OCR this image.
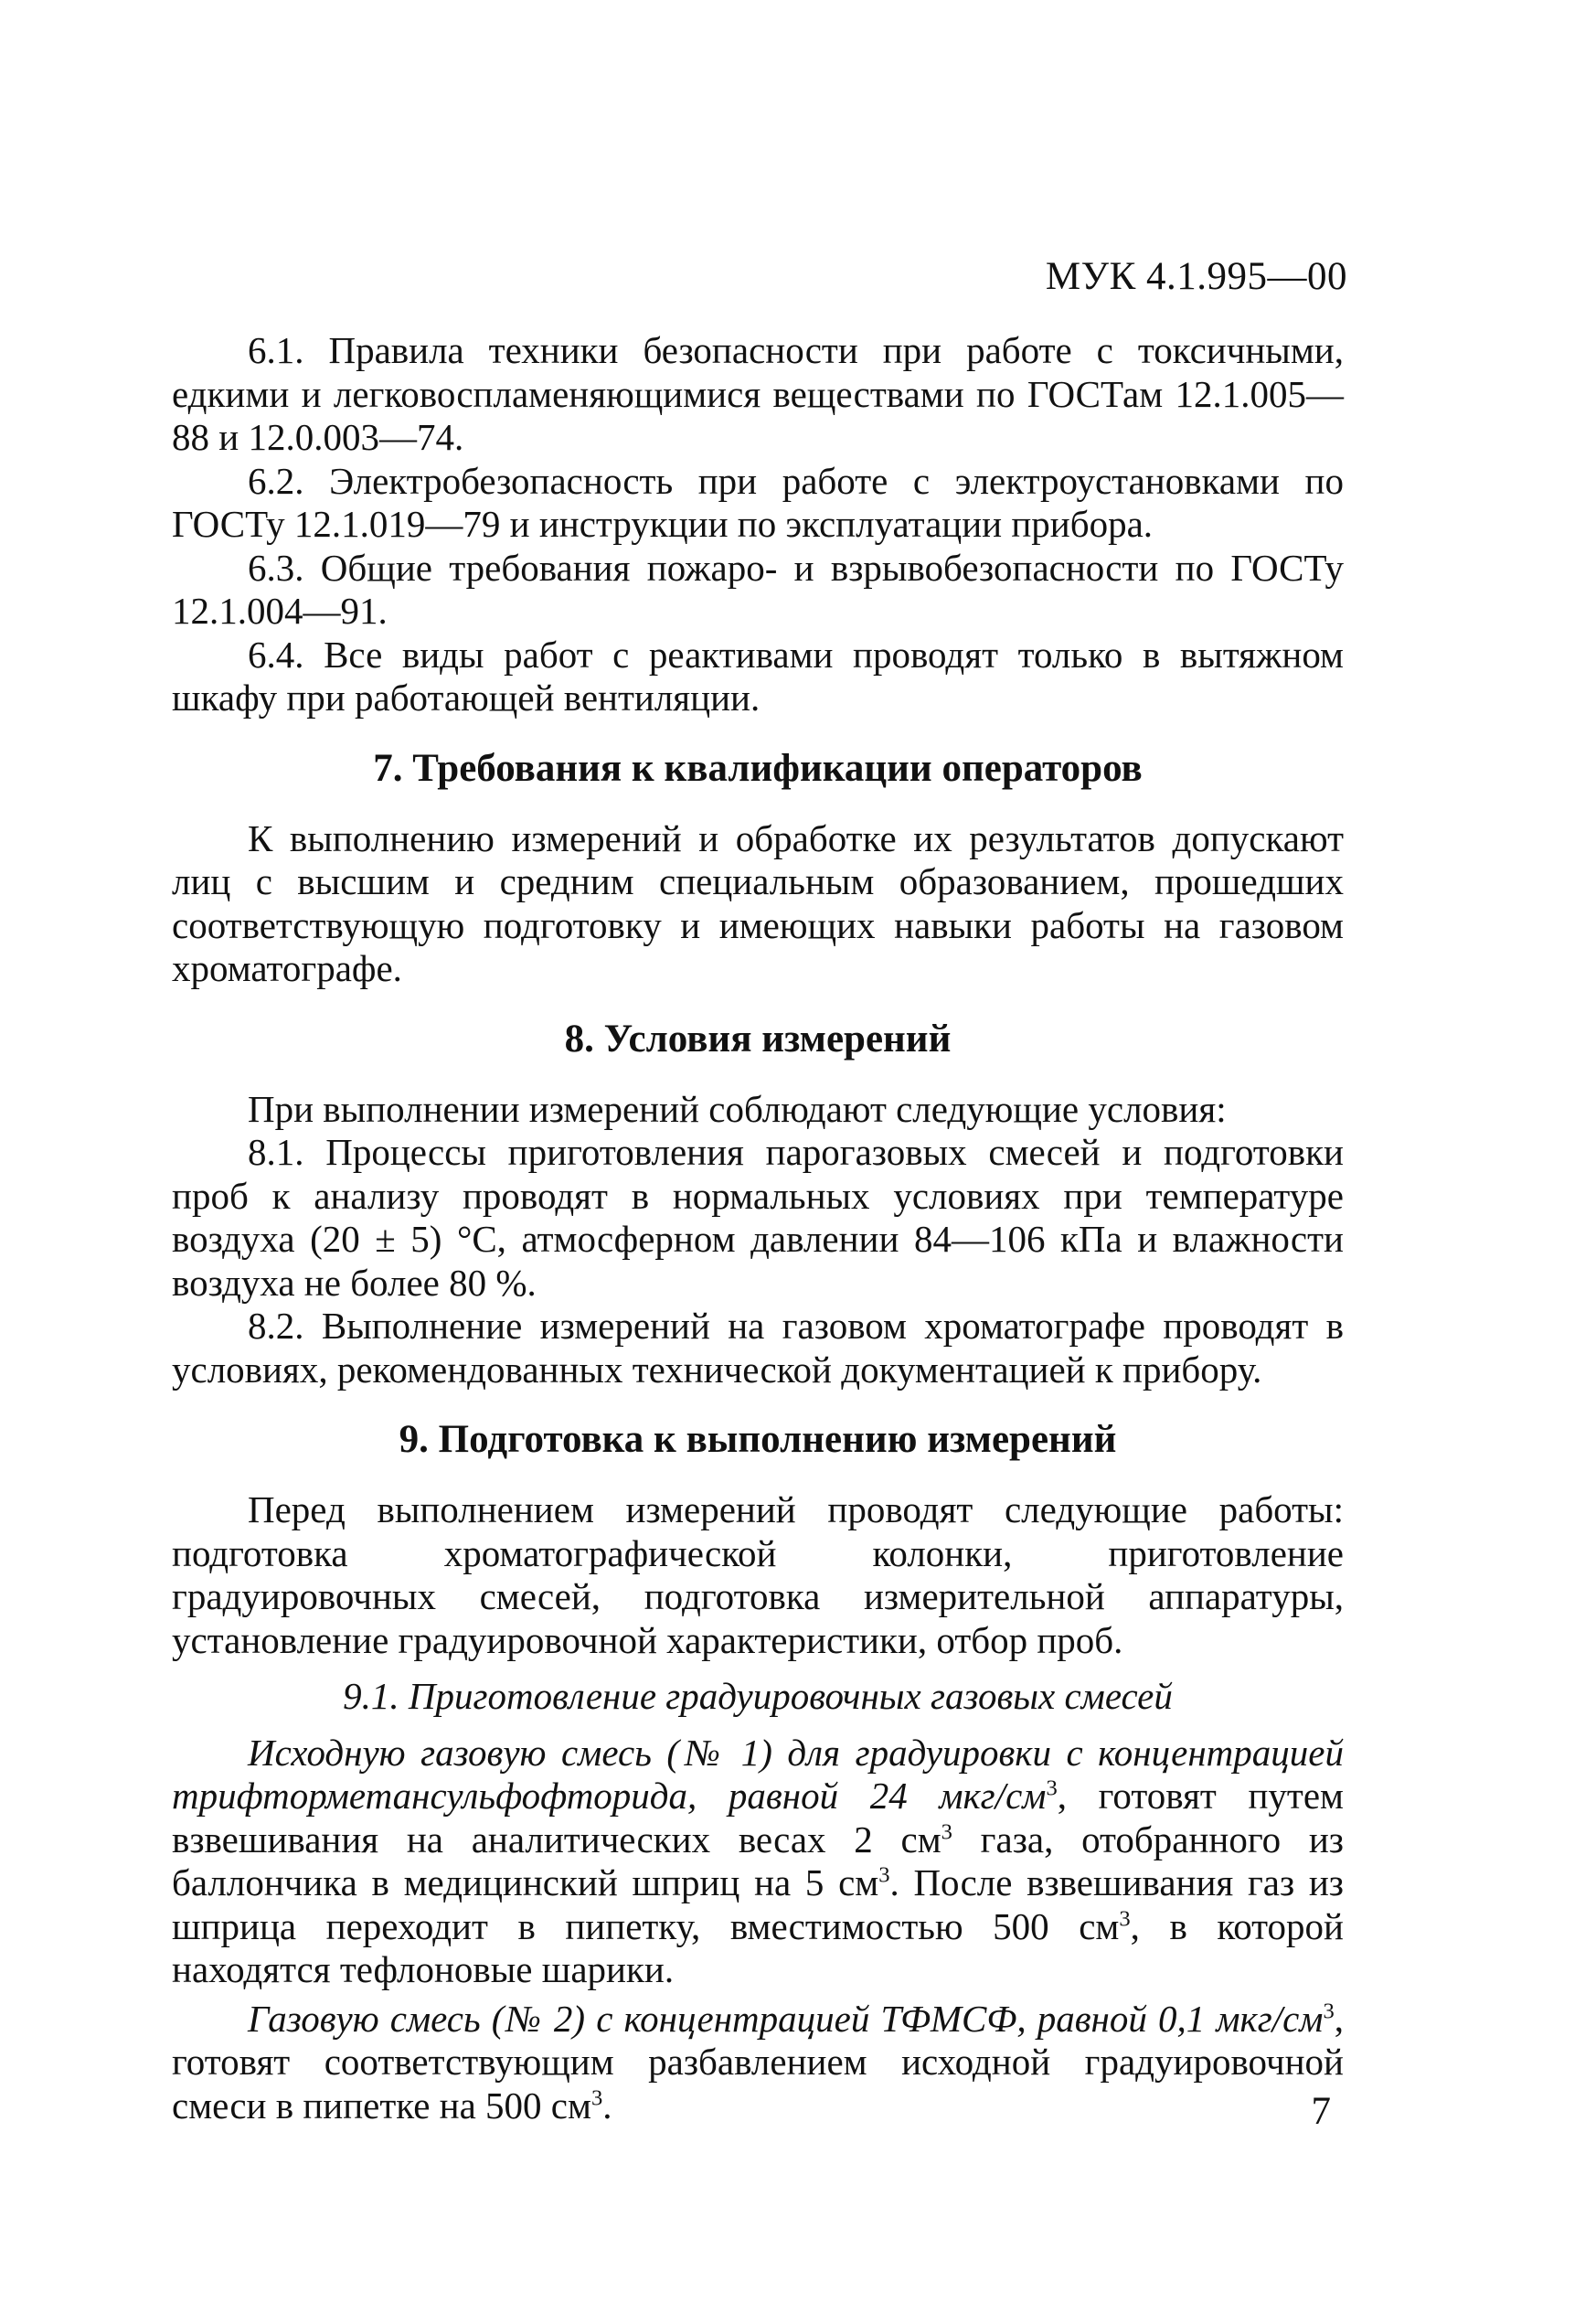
МУК 4.1.995—00

6.1. Правила техники безопасности при работе с токсичными, едкими и легковоспламеняющимися веществами по ГОСТам 12.1.005—88 и 12.0.003—74.

6.2. Электробезопасность при работе с электроустановками по ГОСТу 12.1.019—79 и инструкции по эксплуатации прибора.

6.3. Общие требования пожаро- и взрывобезопасности по ГОСТу 12.1.004—91.

6.4. Все виды работ с реактивами проводят только в вытяжном шкафу при работающей вентиляции.

7. Требования к квалификации операторов

К выполнению измерений и обработке их результатов допускают лиц с высшим и средним специальным образованием, прошедших соответствующую подготовку и имеющих навыки работы на газовом хроматографе.

8. Условия измерений

При выполнении измерений соблюдают следующие условия:

8.1. Процессы приготовления парогазовых смесей и подготовки проб к анализу проводят в нормальных условиях при температуре воздуха (20 ± 5) °С, атмосферном давлении 84—106 кПа и влажности воздуха не более 80 %.

8.2. Выполнение измерений на газовом хроматографе проводят в условиях, рекомендованных технической документацией к прибору.

9. Подготовка к выполнению измерений

Перед выполнением измерений проводят следующие работы: подготовка хроматографической колонки, приготовление градуировочных смесей, подготовка измерительной аппаратуры, установление градуировочной характеристики, отбор проб.

9.1. Приготовление градуировочных газовых смесей

Исходную газовую смесь (№ 1) для градуировки с концентрацией трифторметансульфофторида, равной 24 мкг/$см^3$, готовят путем взвешивания на аналитических весах 2 $см^3$ газа, отобранного из баллончика в медицинский шприц на 5 $см^3$. После взвешивания газ из шприца переходит в пипетку, вместимостью 500 $см^3$, в которой находятся тефлоновые шарики.

Газовую смесь (№ 2) с концентрацией ТФМСФ, равной 0,1 мкг/$см^3$, готовят соответствующим разбавлением исходной градуировочной смеси в пипетке на 500 $см^3$.	7
